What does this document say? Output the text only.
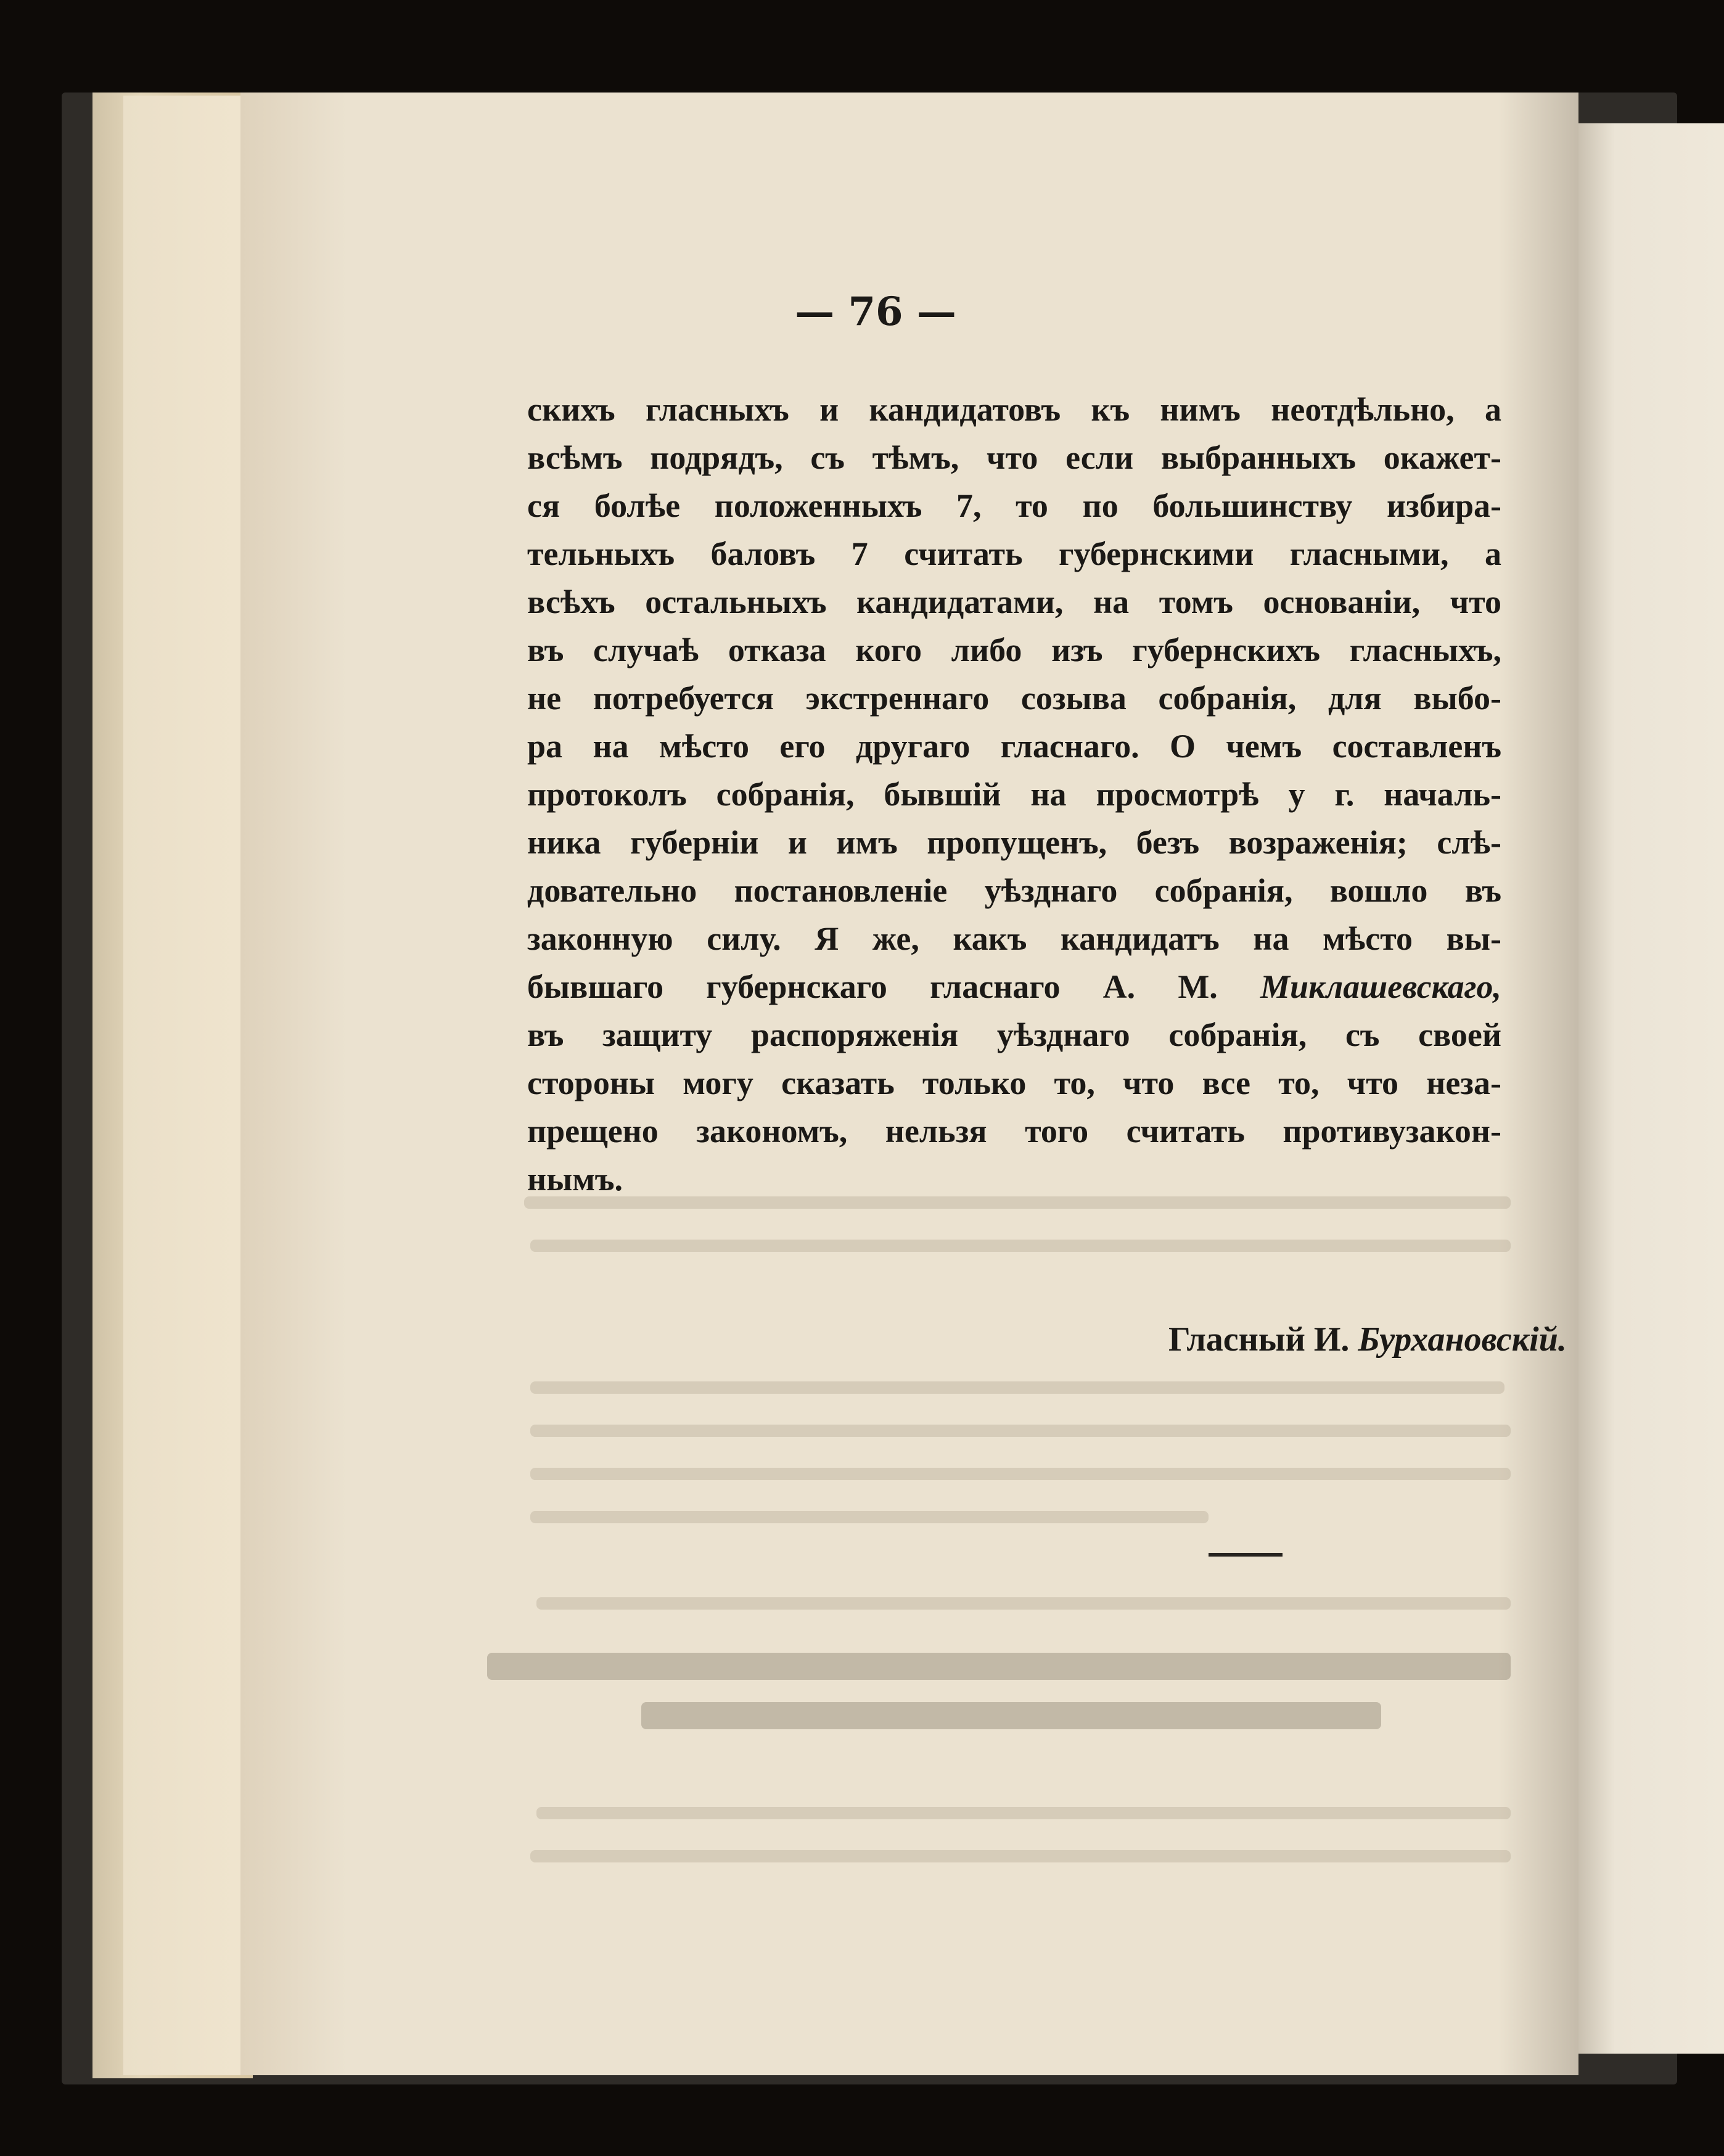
— 76 —
скихъ гласныхъ и кандидатовъ къ нимъ неотдѣльно, а
всѣмъ подрядъ, съ тѣмъ, что если выбранныхъ окажет-
ся болѣе положенныхъ 7, то по большинству избира-
тельныхъ баловъ 7 считать губернскими гласными, а
всѣхъ остальныхъ кандидатами, на томъ основаніи, что
въ случаѣ отказа кого либо изъ губернскихъ гласныхъ,
не потребуется экстреннаго созыва собранія, для выбо-
ра на мѣсто его другаго гласнаго. О чемъ составленъ
протоколъ собранія, бывшій на просмотрѣ у г. началь-
ника губерніи и имъ пропущенъ, безъ возраженія; слѣ-
довательно постановленіе уѣзднаго собранія, вошло въ
законную силу. Я же, какъ кандидатъ на мѣсто вы-
бывшаго губернскаго гласнаго А. М. Миклашевскаго,
въ защиту распоряженія уѣзднаго собранія, съ своей
стороны могу сказать только то, что все то, что неза-
прещено закономъ, нельзя того считать противузакон-
нымъ.
Гласный И. Бурхановскій.
